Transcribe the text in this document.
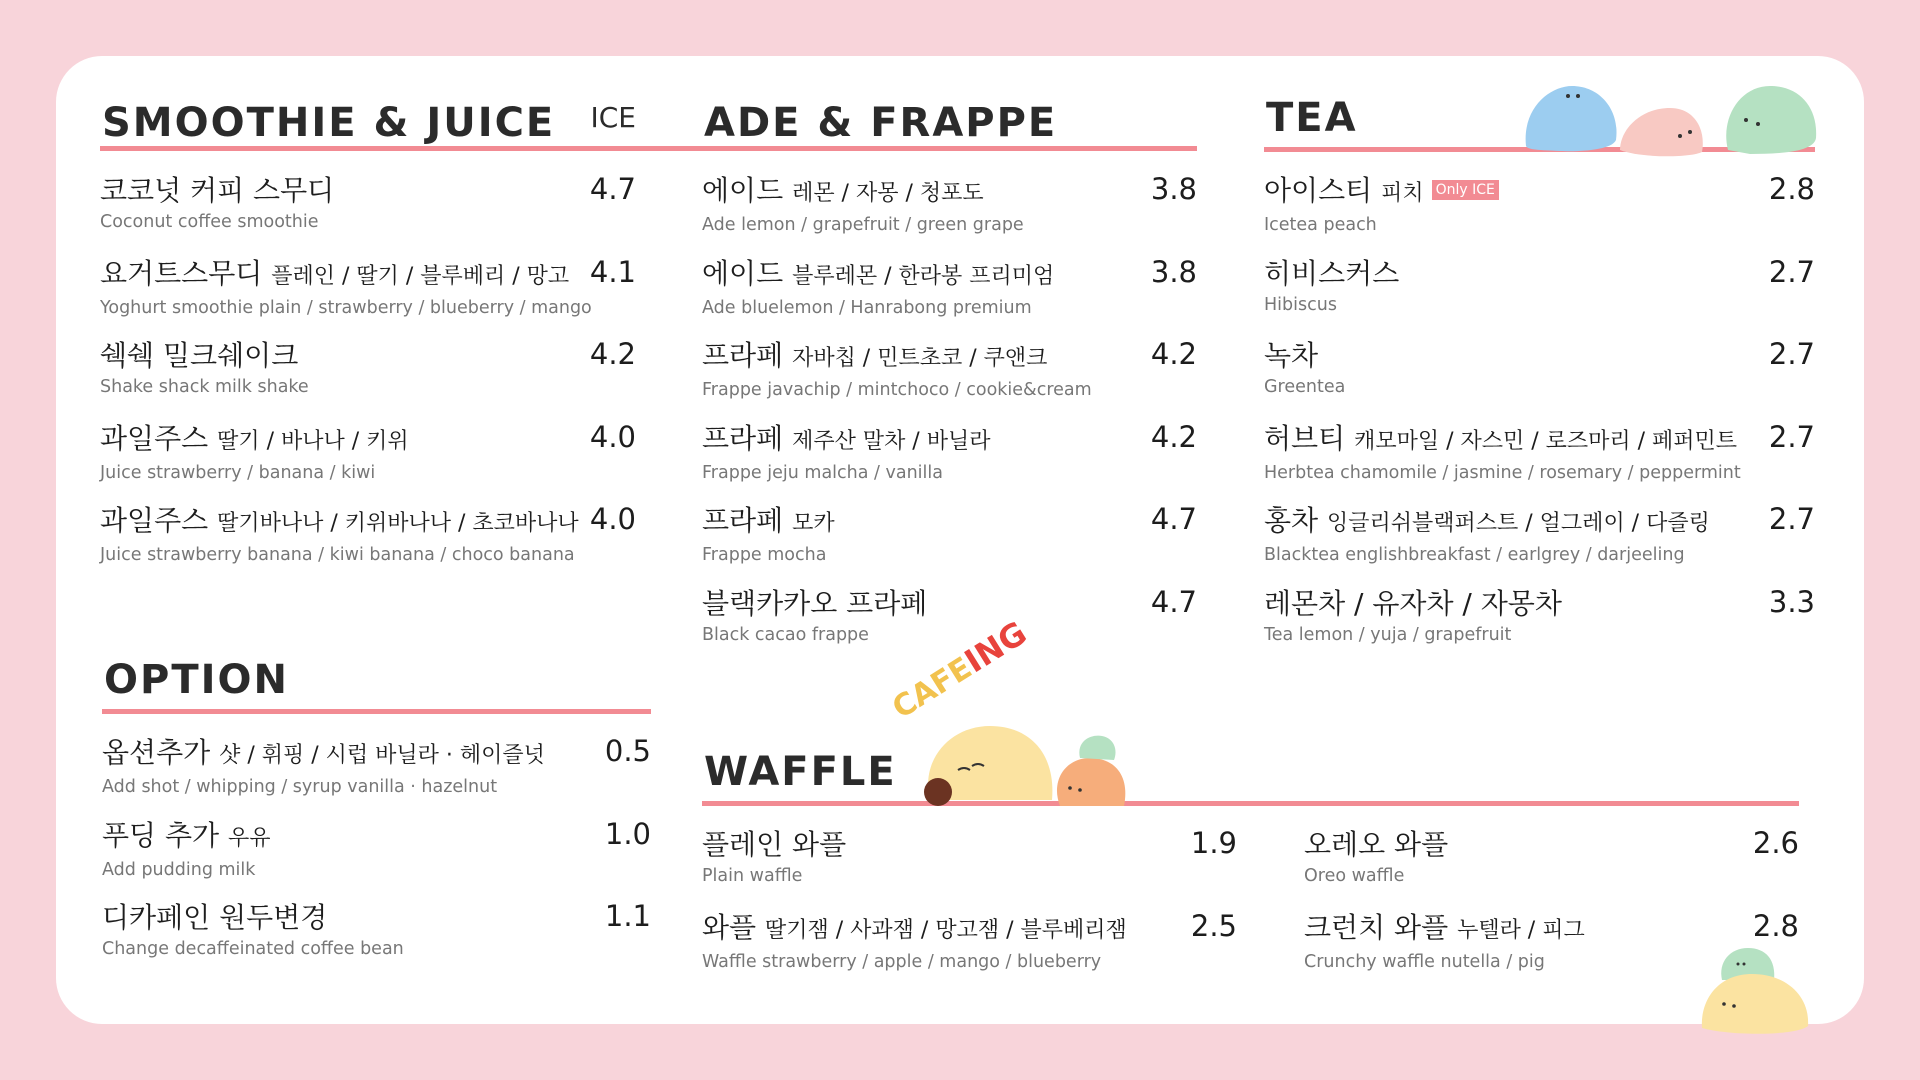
SMOOTHIE & JUICE ICE
코코넛 커피 스무디
Coconut coffee smoothie
4.7
요거트스무디 플레인 / 딸기 / 블루베리 / 망고
Yoghurt smoothie plain / strawberry / blueberry / mango
4.1
쉑쉑 밀크쉐이크
Shake shack milk shake
4.2
과일주스 딸기 / 바나나 / 키위
Juice strawberry / banana / kiwi
4.0
과일주스 딸기바나나 / 키위바나나 / 초코바나나
Juice strawberry banana / kiwi banana / choco banana
4.0
ADE & FRAPPE
에이드 레몬 / 자몽 / 청포도
Ade lemon / grapefruit / green grape
3.8
에이드 블루레몬 / 한라봉 프리미엄
Ade bluelemon / Hanrabong premium
3.8
프라페 자바칩 / 민트초코 / 쿠앤크
Frappe javachip / mintchoco / cookie&cream
4.2
프라페 제주산 말차 / 바닐라
Frappe jeju malcha / vanilla
4.2
프라페 모카
Frappe mocha
4.7
블랙카카오 프라페
Black cacao frappe
4.7
TEA
아이스티 피치 Only ICE
Icetea peach
2.8
히비스커스
Hibiscus
2.7
녹차
Greentea
2.7
허브티 캐모마일 / 자스민 / 로즈마리 / 페퍼민트
Herbtea chamomile / jasmine / rosemary / peppermint
2.7
홍차 잉글리쉬블랙퍼스트 / 얼그레이 / 다즐링
Blacktea englishbreakfast / earlgrey / darjeeling
2.7
레몬차 / 유자차 / 자몽차
Tea lemon / yuja / grapefruit
3.3
OPTION
옵션추가 샷 / 휘핑 / 시럽 바닐라 · 헤이즐넛
Add shot / whipping / syrup vanilla · hazelnut
0.5
푸딩 추가 우유
Add pudding milk
1.0
디카페인 원두변경
Change decaffeinated coffee bean
1.1
WAFFLE
플레인 와플
Plain waffle
1.9
와플 딸기잼 / 사과잼 / 망고잼 / 블루베리잼
Waffle strawberry / apple / mango / blueberry
2.5
오레오 와플
Oreo waffle
2.6
크런치 와플 누텔라 / 피그
Crunchy waffle nutella / pig
2.8
CAFEING
